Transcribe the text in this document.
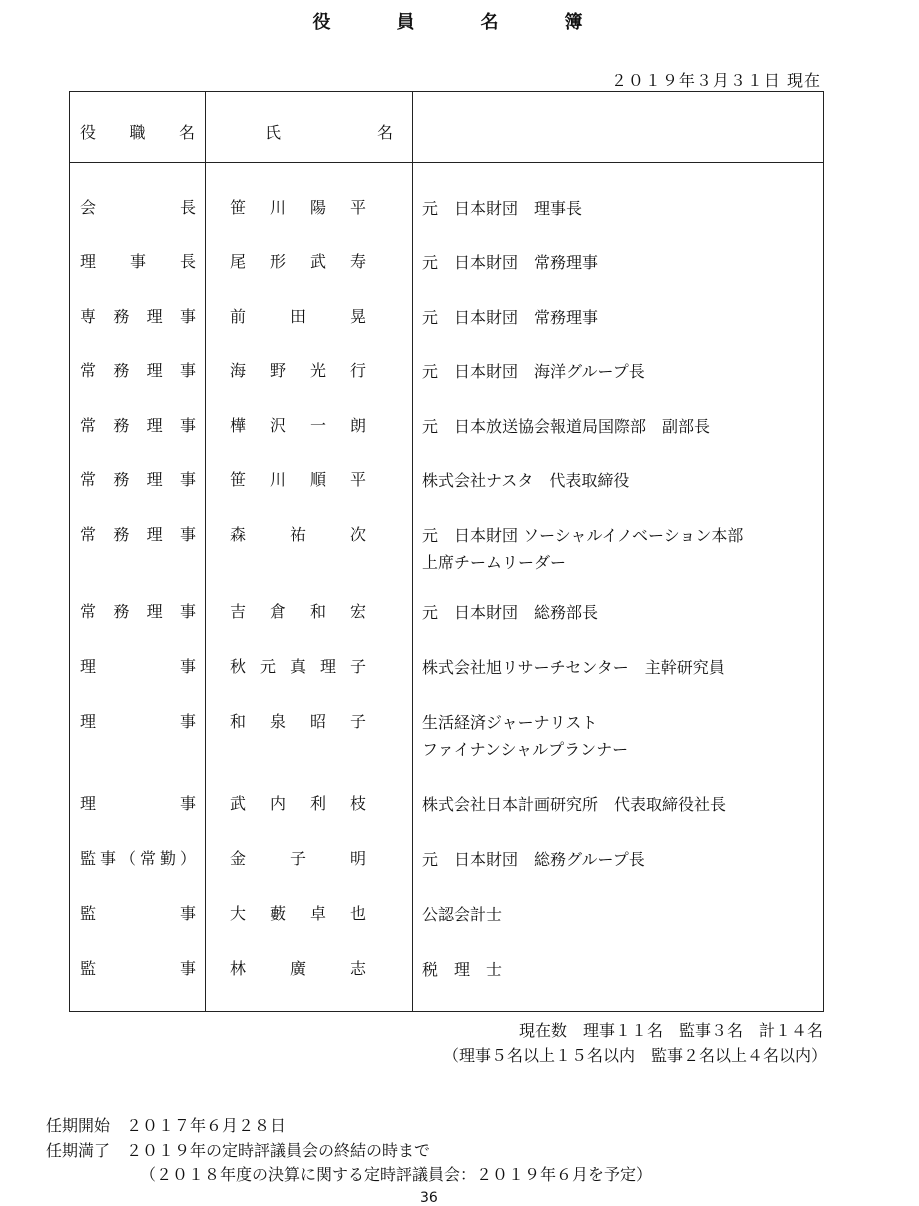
役　員　名　簿
２０１９年３月３１日 現在
役職名	氏　名
会長 笹川陽平	元　日本財団　理事長
理事長 尾形武寿	元　日本財団　常務理事
専務理事 前田晃	元　日本財団　常務理事
常務理事 海野光行	元　日本財団　海洋グループ長
常務理事 樺沢一朗	元　日本放送協会報道局国際部　副部長
常務理事 笹川順平	株式会社ナスタ　代表取締役
常務理事 森祐次	元　日本財団 ソーシャルイノベーション本部
上席チームリーダー
常務理事 吉倉和宏	元　日本財団　総務部長
理事 秋元真理子	株式会社旭リサーチセンター　主幹研究員
理事 和泉昭子	生活経済ジャーナリスト
ファイナンシャルプランナー
理事 武内利枝	株式会社日本計画研究所　代表取締役社長
監事（常勤） 金子明	元　日本財団　総務グループ長
監事 大藪卓也	公認会計士
監事 林廣志	税　理　士
現在数　理事１１名　監事３名　計１４名
（理事５名以上１５名以内　監事２名以上４名以内）
任期開始　２０１７年６月２８日
任期満了　２０１９年の定時評議員会の終結の時まで
（２０１８年度の決算に関する定時評議員会：２０１９年６月を予定）
36
